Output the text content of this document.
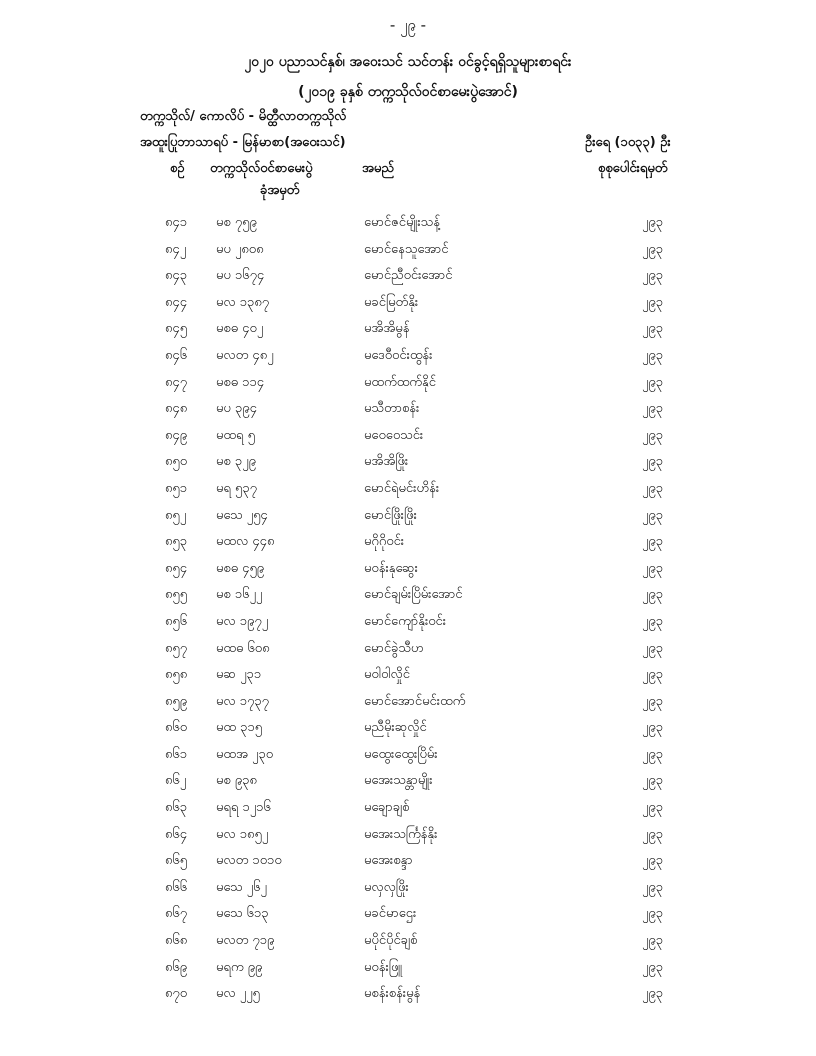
- ၂၉ -
၂၀၂၀ ပညာသင်နှစ်၊ အဝေးသင် သင်တန်း ဝင်ခွင့်ရရှိသူများစာရင်း
(၂၀၁၉ ခုနှစ် တက္ကသိုလ်ဝင်စာမေးပွဲအောင်)
တက္ကသိုလ်/ ကောလိပ် - မိတ္ထီလာတက္ကသိုလ်
အထူးပြုဘာသာရပ် - မြန်မာစာ(အဝေးသင်)	ဦးရေ (၁၀၃၃) ဦး
စဉ် တက္ကသိုလ်ဝင်စာမေးပွဲ
ခုံအမှတ်
အမည်	စုစုပေါင်းရမှတ်
၈၄၁ မစ ၇၅၉	မောင်ဇင်မျိုးသန့်	၂၉၃
၈၄၂ မပ ၂၈၀၈	မောင်နေသူအောင်	၂၉၃
၈၄၃ မပ ၁၆၇၄	မောင်ညီဝင်းအောင်	၂၉၃
၈၄၄ မလ ၁၃၈၇	မခင်မြတ်နိုး	၂၉၃
၈၄၅ မစဓ ၄၀၂	မအိအိမွန်	၂၉၃
၈၄၆ မလတ ၄၈၂	မဒေဝီဝင်းထွန်း	၂၉၃
၈၄၇ မစဓ ၁၁၄	မထက်ထက်နိုင်	၂၉၃
၈၄၈ မပ ၃၉၄	မသီတာစန်း	၂၉၃
၈၄၉ မထရ ၅	မဝေဝေသင်း	၂၉၃
၈၅၀ မစ ၃၂၉	မအိအိဖြိုး	၂၉၃
၈၅၁ မရ ၅၃၇	မောင်ရဲမင်းဟိန်း	၂၉၃
၈၅၂ မသေ ၂၅၄	မောင်ဖြိုးဖြိုး	၂၉၃
၈၅၃ မထလ ၄၄၈	မဂိုဂိုဝင်း	၂၉၃
၈၅၄ မစဓ ၄၅၉	မဝန်းနုဆွေး	၂၉၃
၈၅၅ မစ ၁၆၂၂	မောင်ချမ်းပြိမ်းအောင်	၂၉၃
၈၅၆ မလ ၁၉၇၂	မောင်ကျော်နိုးဝင်း	၂၉၃
၈၅၇ မထဓ ၆၀၈	မောင်ခွဲသီဟ	၂၉၃
၈၅၈ မဆ ၂၃၁	မဝါဝါလှိုင်	၂၉၃
၈၅၉ မလ ၁၇၃၇	မောင်အောင်မင်းထက်	၂၉၃
၈၆၀ မထ ၃၁၅	မညီမိုးဆုလှိုင်	၂၉၃
၈၆၁ မထအ ၂၃၀	မထွေးထွေးပြိမ်း	၂၉၃
၈၆၂ မစ ၉၃၈	မအေးသန္တာမျိုး	၂၉၃
၈၆၃ မရရ ၁၂၁၆	မချောချစ်	၂၉၃
၈၆၄ မလ ၁၈၅၂	မအေးသင်္ကြန်နိုး	၂၉၃
၈၆၅ မလတ ၁၀၁၀	မအေးစန္ဒာ	၂၉၃
၈၆၆ မသေ ၂၆၂	မလှလှဖြိုး	၂၉၃
၈၆၇ မသေ ၆၁၃	မခင်မာဌေး	၂၉၃
၈၆၈ မလတ ၇၁၉	မပိုင်ပိုင်ချစ်	၂၉၃
၈၆၉ မရက ၉၉	မဝန်းဖြူ	၂၉၃
၈၇၀ မလ ၂၂၅	မစန်းစန်းမွန်	၂၉၃
